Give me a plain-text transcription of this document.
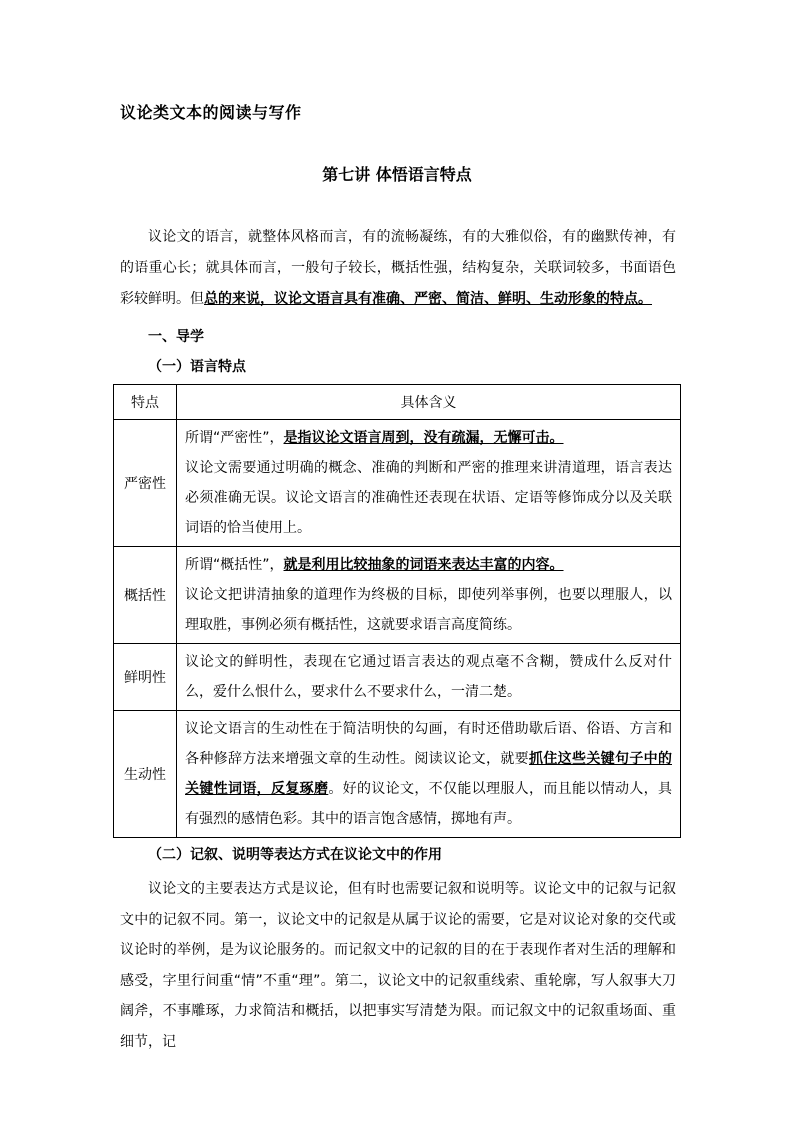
议论类文本的阅读与写作
第七讲 体悟语言特点
议论文的语言，就整体风格而言，有的流畅凝练，有的大雅似俗，有的幽默传神，有的语重心长；就具体而言，一般句子较长，概括性强，结构复杂，关联词较多，书面语色彩较鲜明。但总的来说，议论文语言具有准确、严密、简洁、鲜明、生动形象的特点。
一、导学
（一）语言特点
特点	具体含义
严密性	所谓“严密性”，是指议论文语言周到，没有疏漏，无懈可击。
议论文需要通过明确的概念、准确的判断和严密的推理来讲清道理，语言表达必须准确无误。议论文语言的准确性还表现在状语、定语等修饰成分以及关联词语的恰当使用上。
概括性	所谓“概括性”，就是利用比较抽象的词语来表达丰富的内容。
议论文把讲清抽象的道理作为终极的目标，即使列举事例，也要以理服人，以理取胜，事例必须有概括性，这就要求语言高度简练。
鲜明性	议论文的鲜明性，表现在它通过语言表达的观点毫不含糊，赞成什么反对什么，爱什么恨什么，要求什么不要求什么，一清二楚。
生动性	议论文语言的生动性在于简洁明快的勾画，有时还借助歇后语、俗语、方言和各种修辞方法来增强文章的生动性。阅读议论文，就要抓住这些关键句子中的关键性词语，反复琢磨。好的议论文，不仅能以理服人，而且能以情动人，具有强烈的感情色彩。其中的语言饱含感情，掷地有声。
（二）记叙、说明等表达方式在议论文中的作用
议论文的主要表达方式是议论，但有时也需要记叙和说明等。议论文中的记叙与记叙文中的记叙不同。第一，议论文中的记叙是从属于议论的需要，它是对议论对象的交代或议论时的举例，是为议论服务的。而记叙文中的记叙的目的在于表现作者对生活的理解和感受，字里行间重“情”不重“理”。第二，议论文中的记叙重线索、重轮廓，写人叙事大刀阔斧，不事雕琢，力求简洁和概括，以把事实写清楚为限。而记叙文中的记叙重场面、重细节，记
